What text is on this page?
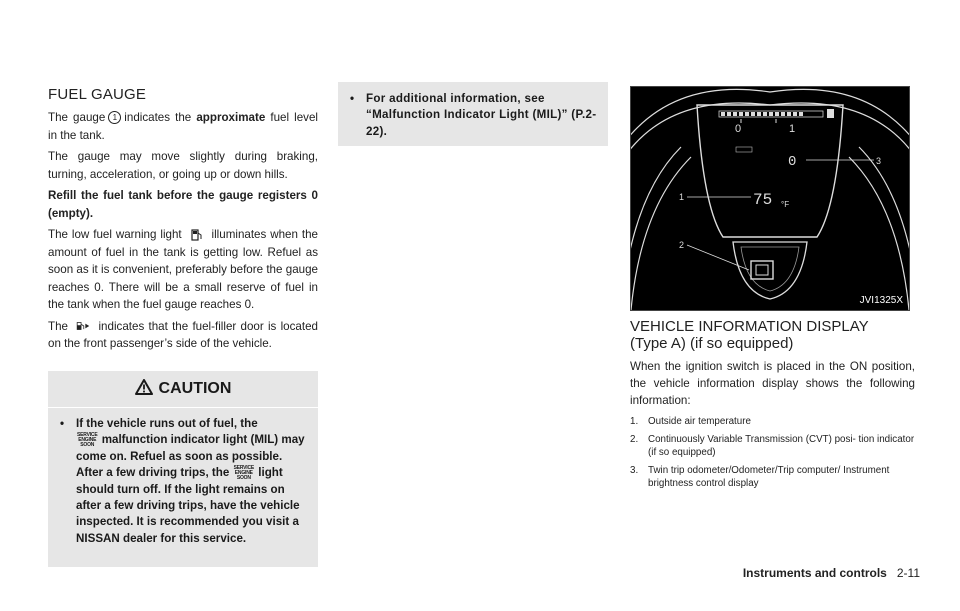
FUEL GAUGE

The gauge 1 indicates the approximate fuel level in the tank.

The gauge may move slightly during braking, turning, acceleration, or going up or down hills.

Refill the fuel tank before the gauge registers 0 (empty).

The low fuel warning light	illuminates when the amount of fuel in the tank is getting low. Refuel as soon as it is convenient, preferably before the gauge reaches 0. There will be a small reserve of fuel in the tank when the fuel gauge reaches 0.

The	indicates that the fuel-filler door is located on the front passenger’s side of the vehicle.

CAUTION
•	If the vehicle runs out of fuel, the
SERVICE
ENGINE
SOON malfunction indicator light (MIL) may come on. Refuel as soon as possible. After a few driving trips, the SERVICE
ENGINE
SOON light should turn off. If the light remains on after a few driving trips, have the vehicle inspected. It is recommended you visit a NISSAN dealer for this service.
•	For additional information, see “Malfunction Indicator Light (MIL)” (P.2-22).	0	1
0
75 °F
1
2
3
JVI1325X
VEHICLE INFORMATION DISPLAY
(Type A) (if so equipped)

When the ignition switch is placed in the ON position, the vehicle information display shows the following information:

1.	Outside air temperature
2.	Continuously Variable Transmission (CVT) posi- tion indicator (if so equipped)
3.	Twin trip odometer/Odometer/Trip computer/ Instrument brightness control display
Instruments and controls 2-11
